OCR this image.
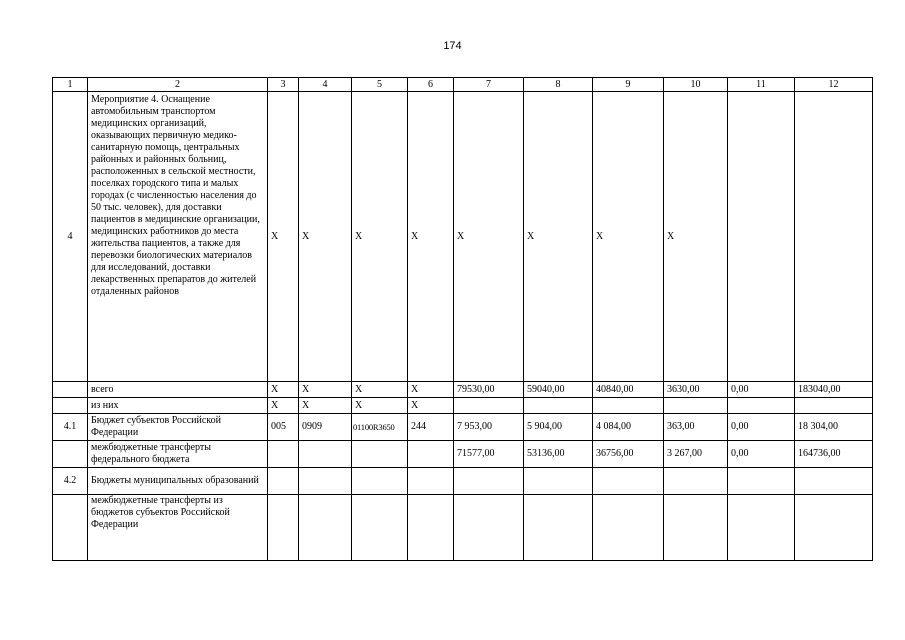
174
1	2	3	4	5	6	7	8	9	10	11	12
4	Мероприятие 4. Оснащение автомобильным транспортом медицинских организаций, оказывающих первичную медико-санитарную помощь, центральных районных и районных больниц, расположенных в сельской местности, поселках городского типа и малых городах (с численностью населения до 50 тыс. человек), для доставки пациентов в медицинские организации, медицинских работников до места жительства пациентов, а также для перевозки биологических материалов для исследований, доставки лекарственных препаратов до жителей отдаленных районов	X	X	X	X	X	X	X	X		
	всего	X	X	X	X	79530,00	59040,00	40840,00	3630,00	0,00	183040,00
	из них	X	X	X	X						
4.1	Бюджет субъектов Российской Федерации	005	0909	01100R3650	244	7 953,00	5 904,00	4 084,00	363,00	0,00	18 304,00
	межбюджетные трансферты федерального бюджета					71577,00	53136,00	36756,00	3 267,00	0,00	164736,00
4.2	Бюджеты муниципальных образований										
	межбюджетные трансферты из бюджетов субъектов Российской Федерации										
